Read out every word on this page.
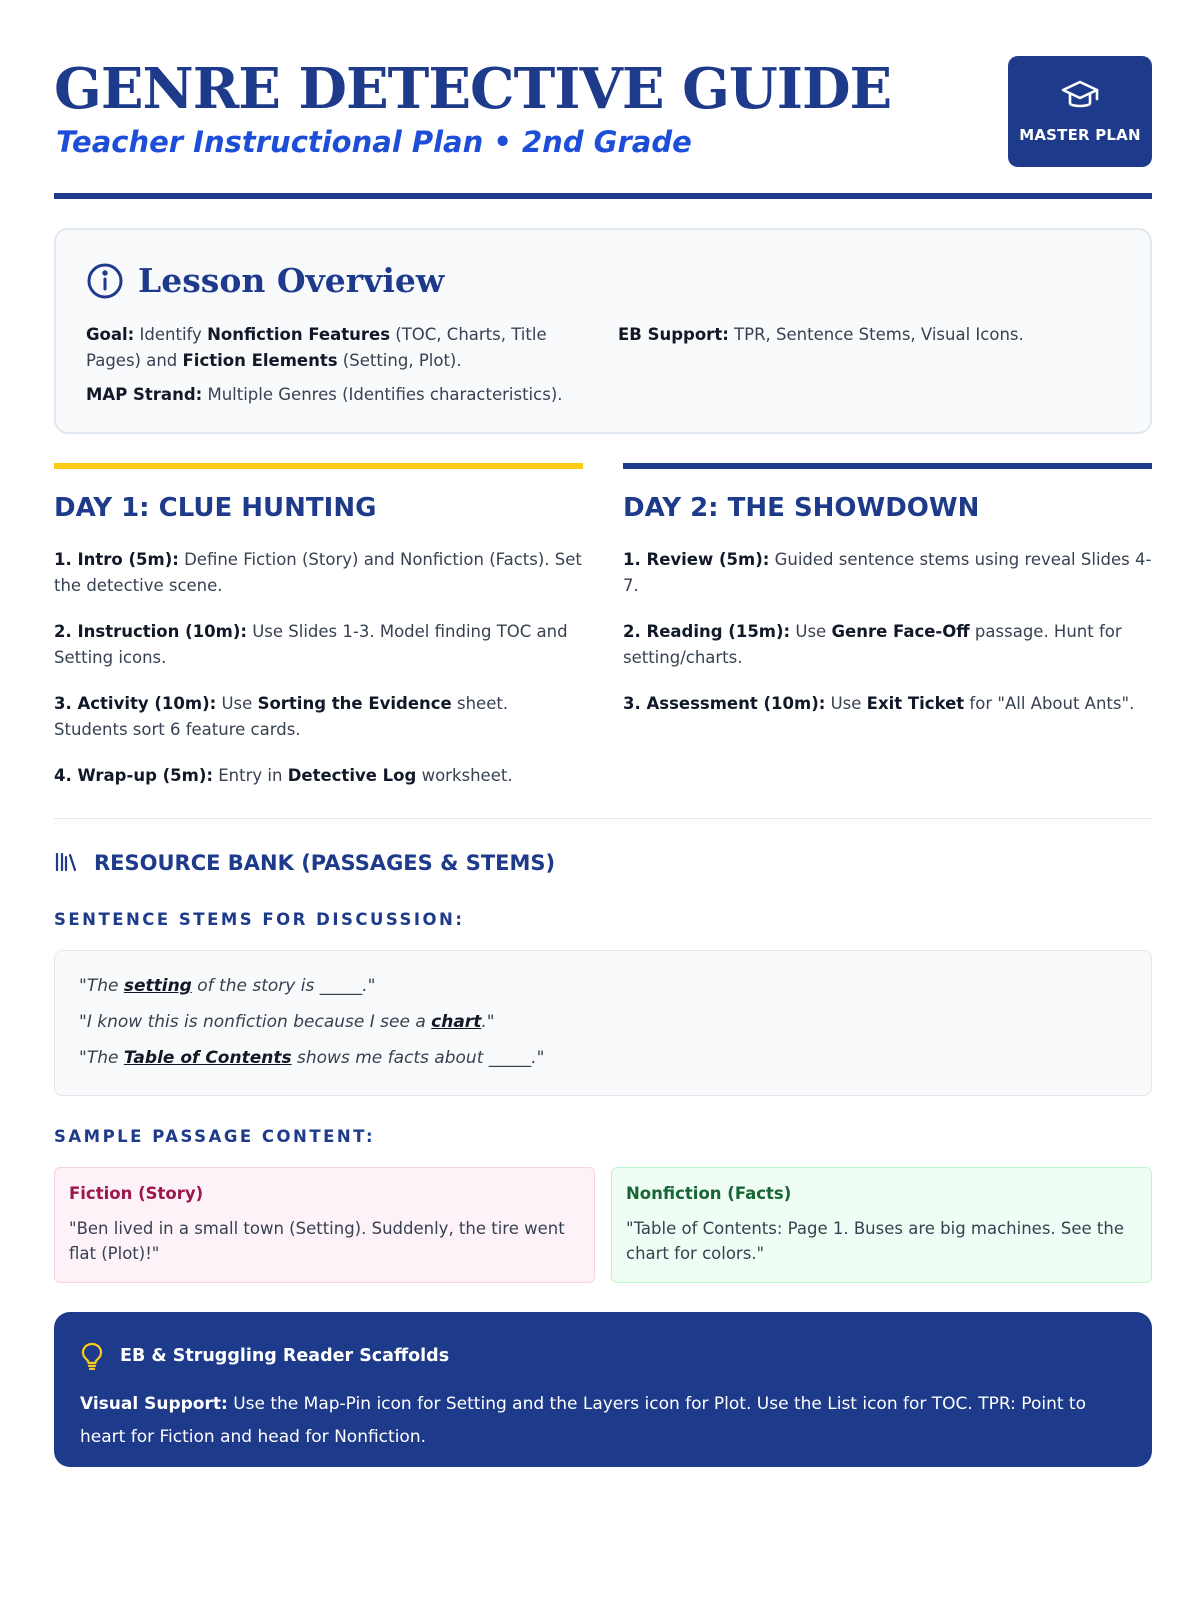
GENRE DETECTIVE GUIDE
Teacher Instructional Plan • 2nd Grade	MASTER PLAN
Lesson Overview

Goal: Identify Nonfiction Features (TOC, Charts, Title Pages) and Fiction Elements (Setting, Plot).

MAP Strand: Multiple Genres (Identifies characteristics).

EB Support: TPR, Sentence Stems, Visual Icons.

DAY 1: CLUE HUNTING
1. Intro (5m): Define Fiction (Story) and Nonfiction (Facts). Set the detective scene.
2. Instruction (10m): Use Slides 1-3. Model finding TOC and Setting icons.
3. Activity (10m): Use Sorting the Evidence sheet. Students sort 6 feature cards.
4. Wrap-up (5m): Entry in Detective Log worksheet.
DAY 2: THE SHOWDOWN
1. Review (5m): Guided sentence stems using reveal Slides 4-7.
2. Reading (15m): Use Genre Face-Off passage. Hunt for setting/charts.
3. Assessment (10m): Use Exit Ticket for "All About Ants".
RESOURCE BANK (PASSAGES & STEMS)
SENTENCE STEMS FOR DISCUSSION:
"The setting of the story is _____."
"I know this is nonfiction because I see a chart."
"The Table of Contents shows me facts about _____."
SAMPLE PASSAGE CONTENT:
Fiction (Story)
"Ben lived in a small town (Setting). Suddenly, the tire went flat (Plot)!"
Nonfiction (Facts)
"Table of Contents: Page 1. Buses are big machines. See the chart for colors."
EB & Struggling Reader Scaffolds
Visual Support: Use the Map-Pin icon for Setting and the Layers icon for Plot. Use the List icon for TOC. TPR: Point to heart for Fiction and head for Nonfiction.
